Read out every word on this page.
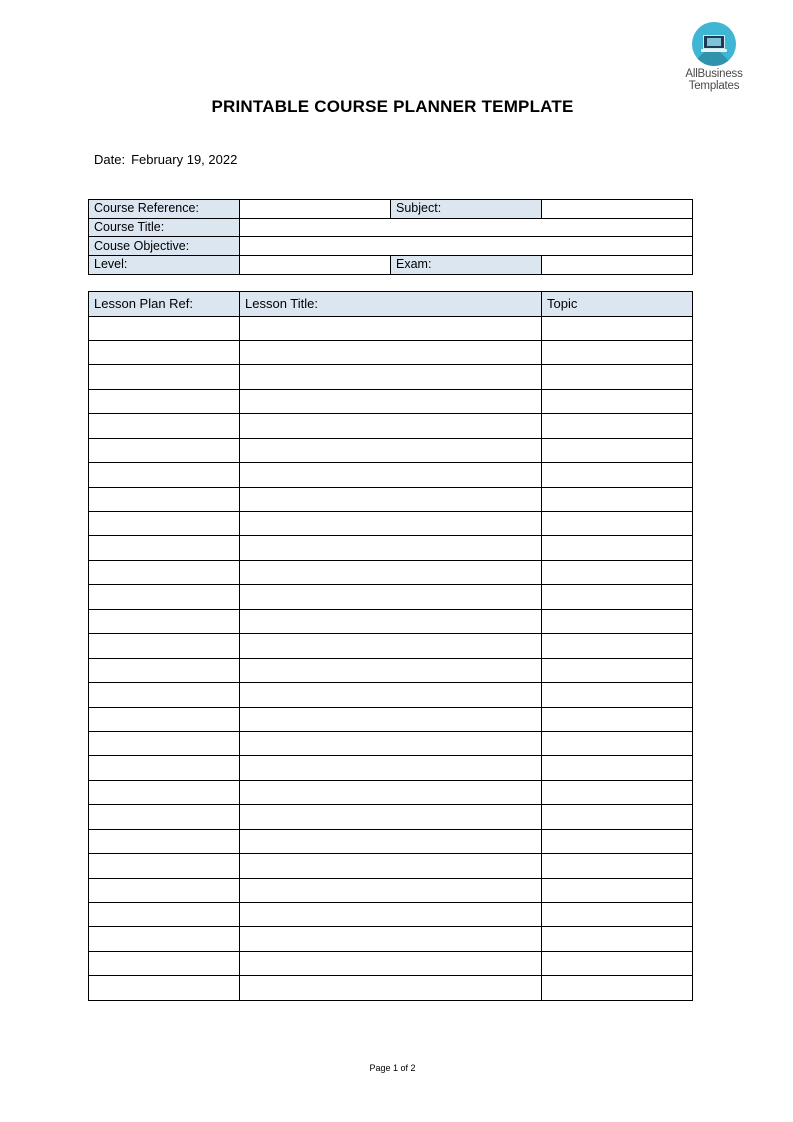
AllBusiness
Templates
PRINTABLE COURSE PLANNER TEMPLATE
Date: February 19, 2022
Course Reference:		Subject:	
Course Title:			
Couse Objective:			
Level:		Exam:	
Lesson Plan Ref:	Lesson Title:	Topic

Page 1 of 2
